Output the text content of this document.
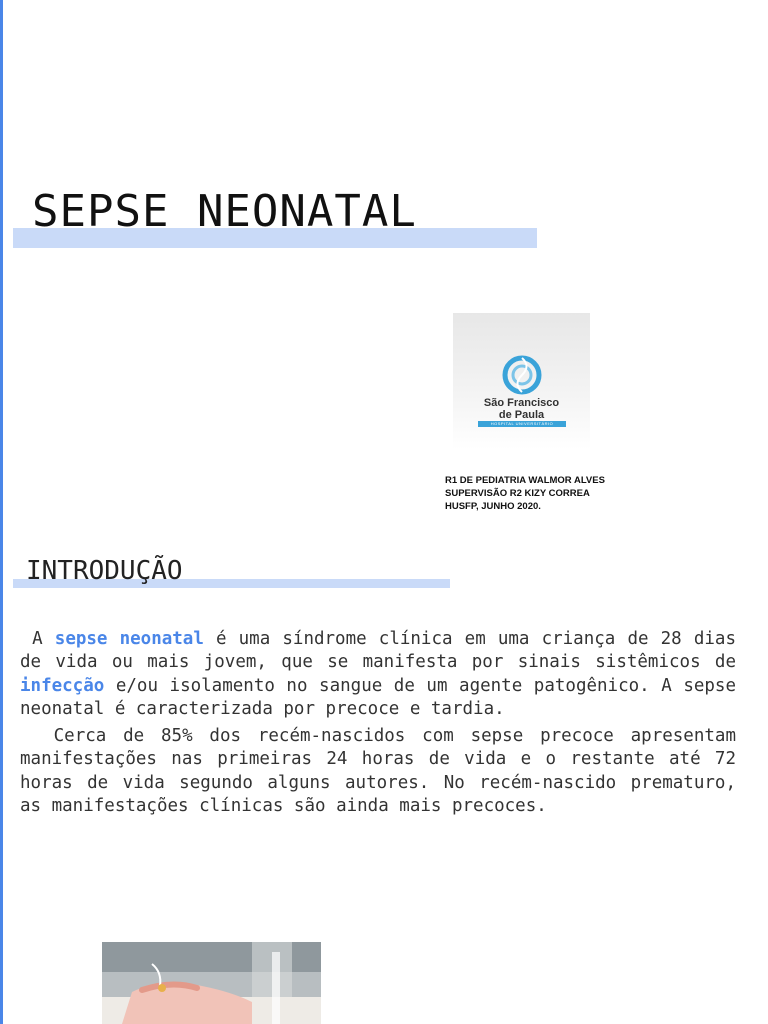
SEPSE NEONATAL
São Francisco
de Paula
HOSPITAL UNIVERSITÁRIO
R1 DE PEDIATRIA WALMOR ALVES
SUPERVISÃO R2 KIZY CORREA
HUSFP, JUNHO 2020.
INTRODUÇÃO

A sepse neonatal é uma síndrome clínica em uma criança de 28 dias de vida ou mais jovem, que se manifesta por sinais sistêmicos de infecção e/ou isolamento no sangue de um agente patogênico. A sepse neonatal é caracterizada por precoce e tardia.

Cerca de 85% dos recém-nascidos com sepse precoce apresentam manifestações nas primeiras 24 horas de vida e o restante até 72 horas de vida segundo alguns autores. No recém-nascido prematuro, as manifestações clínicas são ainda mais precoces.
